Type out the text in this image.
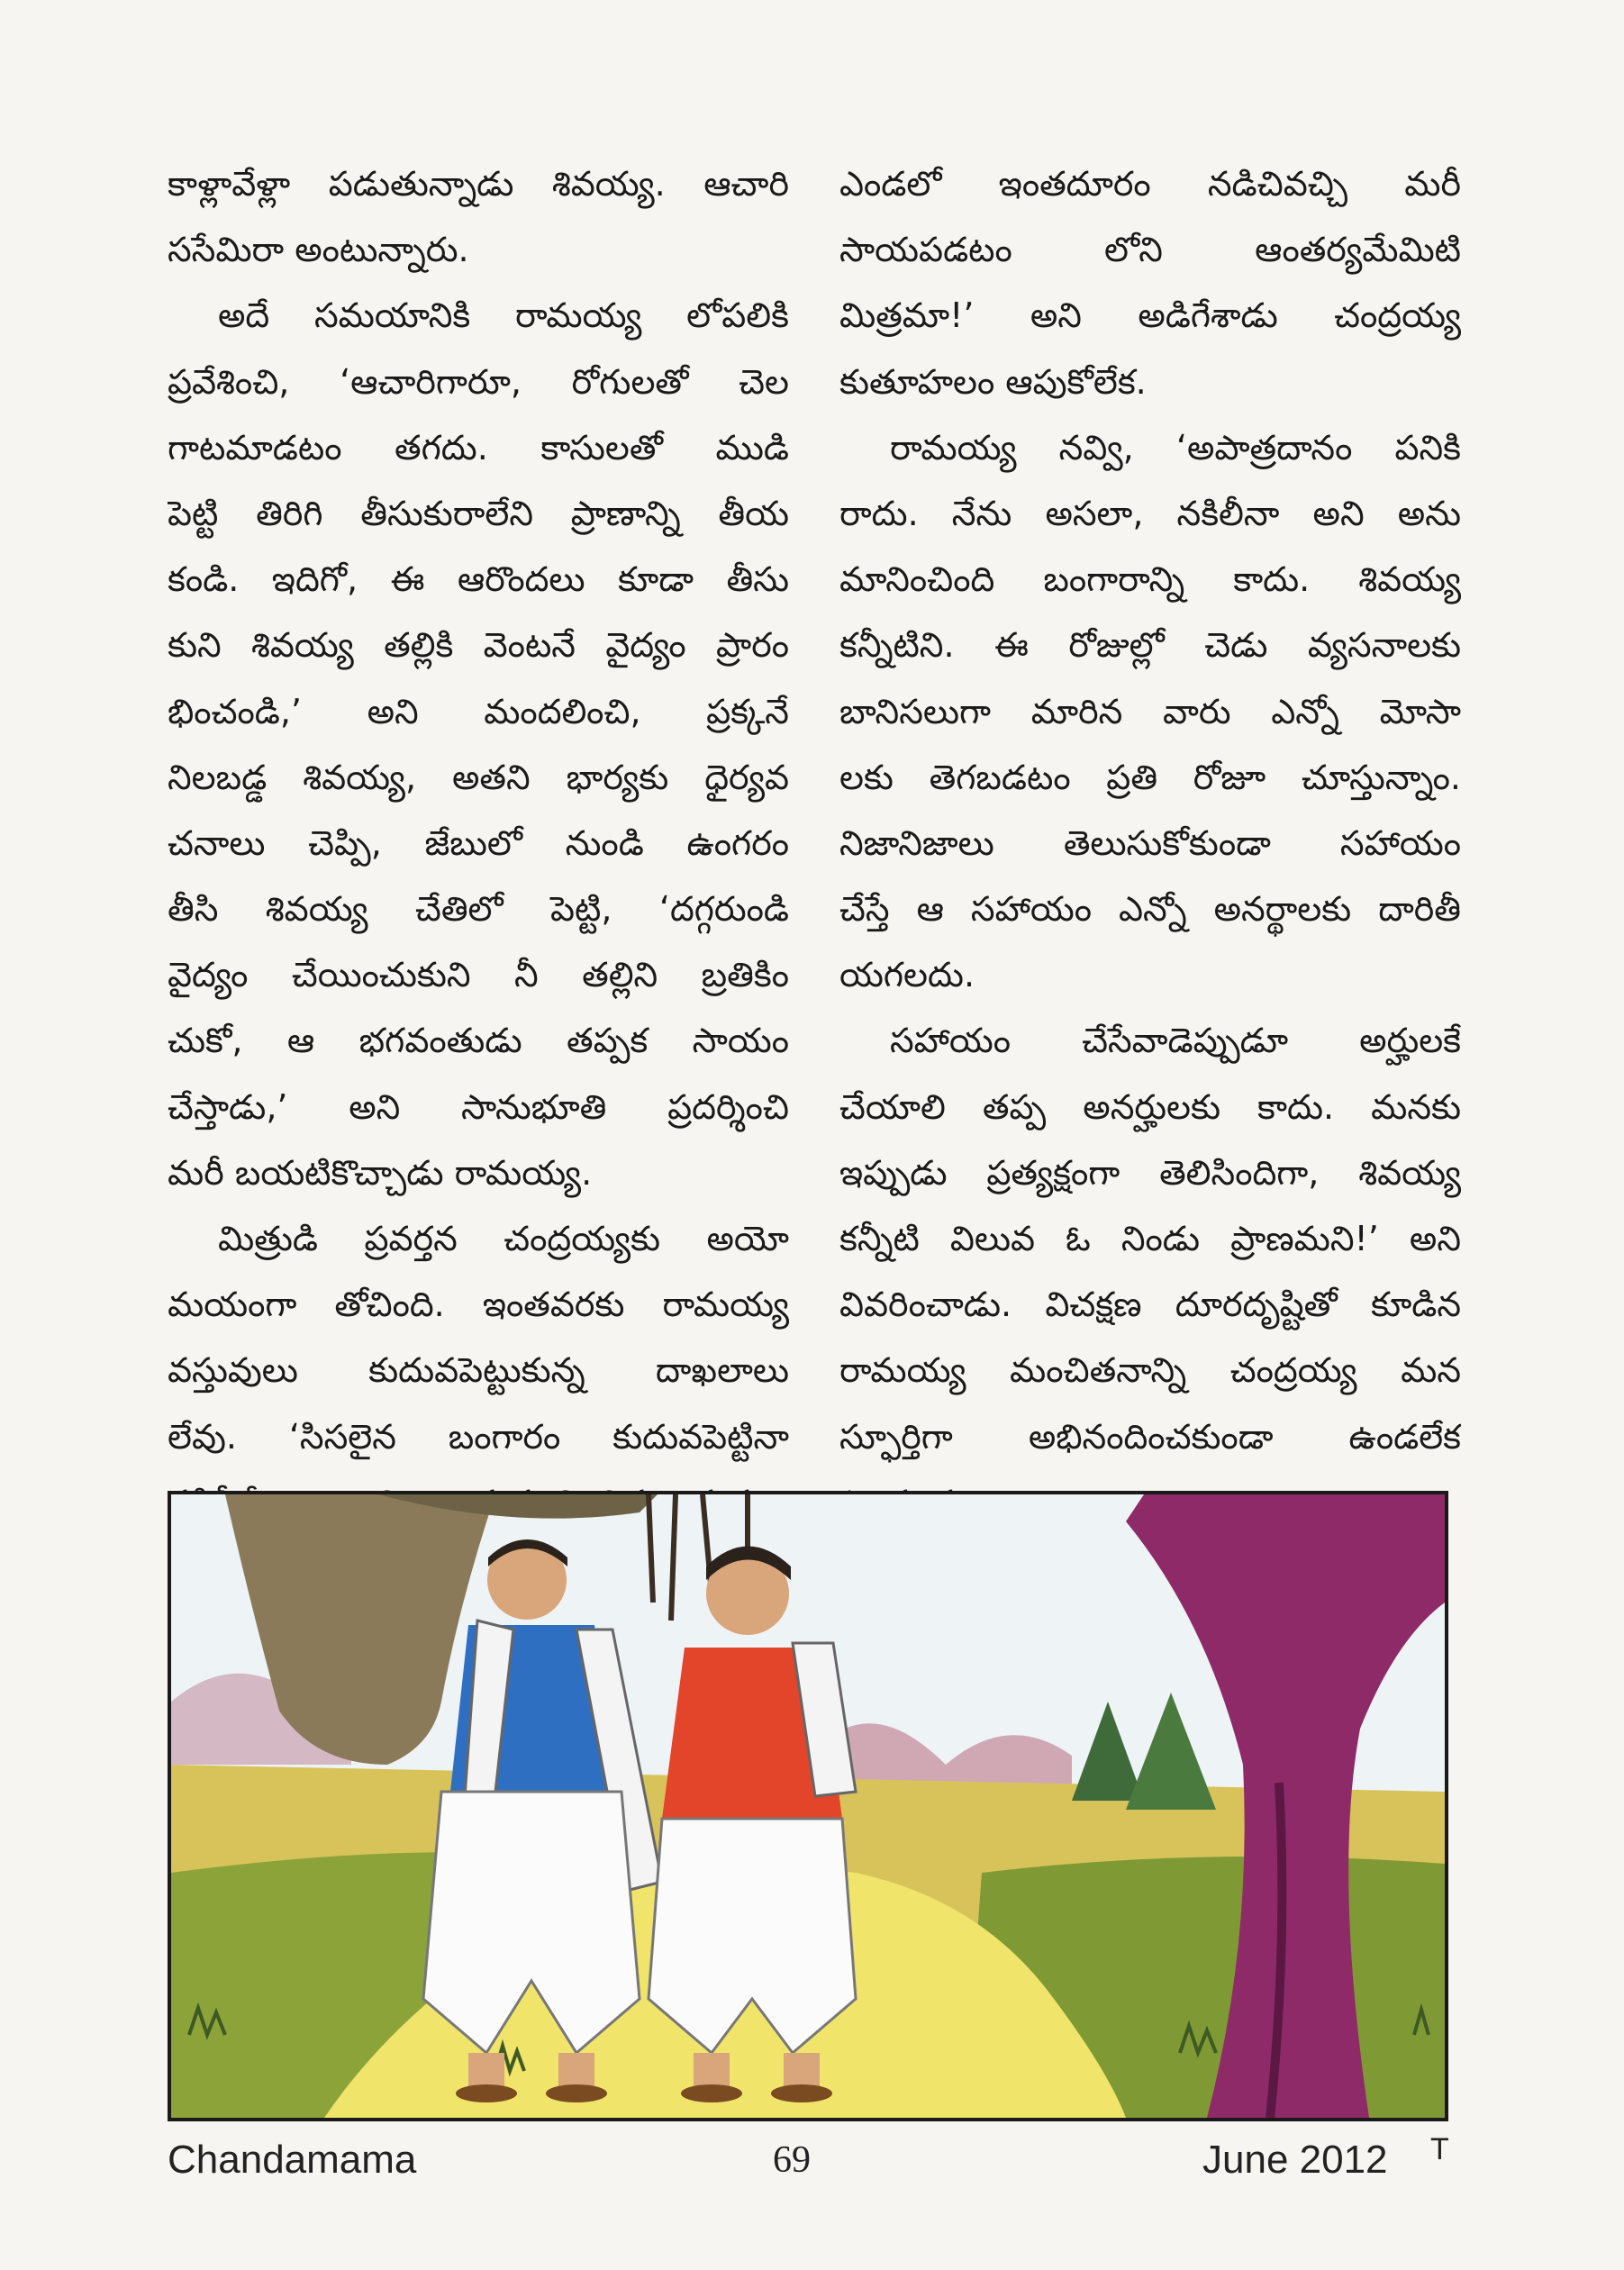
కాళ్లావేళ్లా పడుతున్నాడు శివయ్య. ఆచారి
ససేమిరా అంటున్నారు.
అదే సమయానికి రామయ్య లోపలికి
ప్రవేశించి, ‘ఆచారిగారూ, రోగులతో చెల
గాటమాడటం తగదు. కాసులతో ముడి
పెట్టి తిరిగి తీసుకురాలేని ప్రాణాన్ని తీయ
కండి. ఇదిగో, ఈ ఆరొందలు కూడా తీసు
కుని శివయ్య తల్లికి వెంటనే వైద్యం ప్రారం
భించండి,’ అని మందలించి, ప్రక్కనే
నిలబడ్డ శివయ్య, అతని భార్యకు ధైర్యవ
చనాలు చెప్పి, జేబులో నుండి ఉంగరం
తీసి శివయ్య చేతిలో పెట్టి, ‘దగ్గరుండి
వైద్యం చేయించుకుని నీ తల్లిని బ్రతికిం
చుకో, ఆ భగవంతుడు తప్పక సాయం
చేస్తాడు,’ అని సానుభూతి ప్రదర్శించి
మరీ బయటికొచ్చాడు రామయ్య.
మిత్రుడి ప్రవర్తన చంద్రయ్యకు అయో
మయంగా తోచింది. ఇంతవరకు రామయ్య
వస్తువులు కుదువపెట్టుకున్న దాఖలాలు
లేవు. ‘సిసలైన బంగారం కుదువపెట్టినా
ఎండలో ఇంతదూరం నడిచివచ్చి మరీ
సాయపడటం లోని ఆంతర్యమేమిటి
మిత్రమా!’ అని అడిగేశాడు చంద్రయ్య
కుతూహలం ఆపుకోలేక.
రామయ్య నవ్వి, ‘అపాత్రదానం పనికి
రాదు. నేను అసలా, నకిలీనా అని అను
మానించింది బంగారాన్ని కాదు. శివయ్య
కన్నీటిని. ఈ రోజుల్లో చెడు వ్యసనాలకు
బానిసలుగా మారిన వారు ఎన్నో మోసా
లకు తెగబడటం ప్రతి రోజూ చూస్తున్నాం.
నిజానిజాలు తెలుసుకోకుండా సహాయం
చేస్తే ఆ సహాయం ఎన్నో అనర్థాలకు దారితీ
యగలదు.
సహాయం చేసేవాడెప్పుడూ అర్హులకే
చేయాలి తప్ప అనర్హులకు కాదు. మనకు
ఇప్పుడు ప్రత్యక్షంగా తెలిసిందిగా, శివయ్య
కన్నీటి విలువ ఓ నిండు ప్రాణమని!’ అని
వివరించాడు. విచక్షణ దూరదృష్టితో కూడిన
రామయ్య మంచితనాన్ని చంద్రయ్య మన
స్ఫూర్తిగా అభినందించకుండా ఉండలేక
Chandamama	69	June 2012 T
